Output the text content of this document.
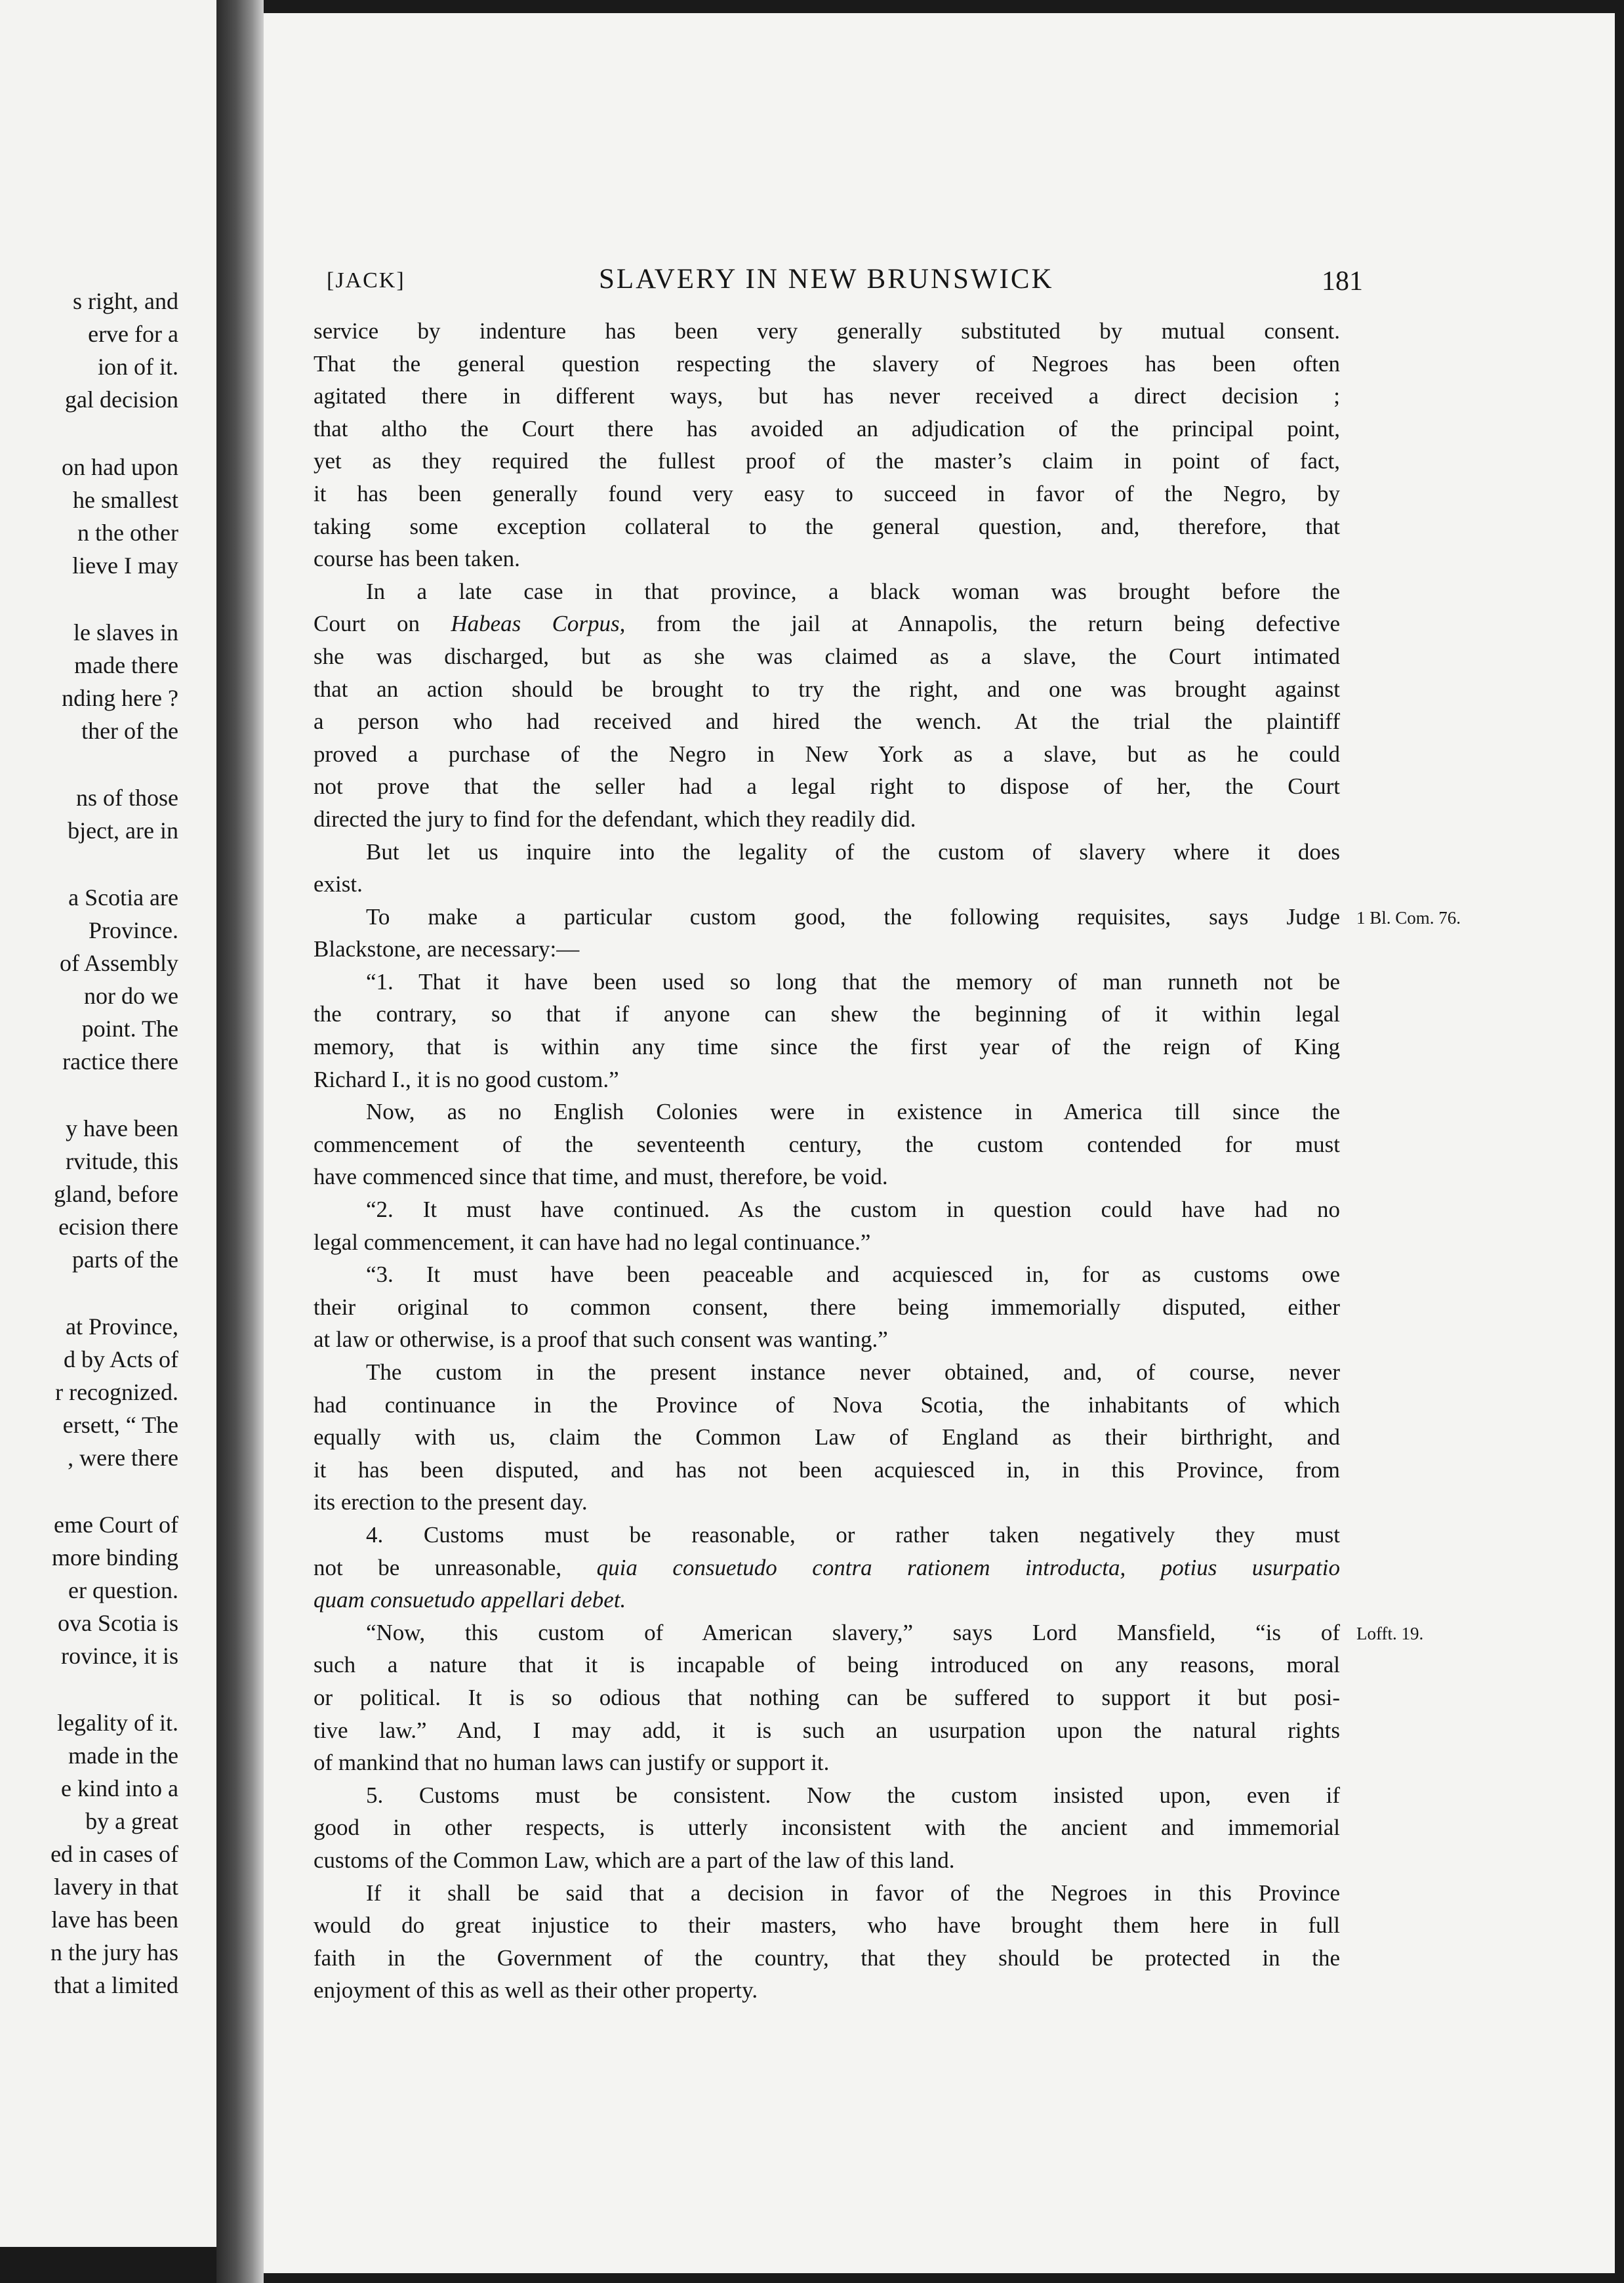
s right, and
erve for a
ion of it.
gal decision
on had upon
he smallest
n the other
lieve I may
le slaves in
made there
nding here ?
ther of the
ns of those
bject, are in
a Scotia are
Province.
of Assembly
nor do we
point. The
ractice there
y have been
rvitude, this
gland, before
ecision there
parts of the
at Province,
d by Acts of
r recognized.
ersett, “ The
, were there
eme Court of
more binding
er question.
ova Scotia is
rovince, it is
legality of it.
made in the
e kind into a
by a great
ed in cases of
lavery in that
lave has been
n the jury has
that a limited
[JACK]	SLAVERY IN NEW BRUNSWICK	181
service by indenture has been very generally substituted by mutual consent.
That the general question respecting the slavery of Negroes has been often
agitated there in different ways, but has never received a direct decision ;
that altho the Court there has avoided an adjudication of the principal point,
yet as they required the fullest proof of the master’s claim in point of fact,
it has been generally found very easy to succeed in favor of the Negro, by
taking some exception collateral to the general question, and, therefore, that
course has been taken.
In a late case in that province, a black woman was brought before the
Court on Habeas Corpus, from the jail at Annapolis, the return being defective
she was discharged, but as she was claimed as a slave, the Court intimated
that an action should be brought to try the right, and one was brought against
a person who had received and hired the wench. At the trial the plaintiff
proved a purchase of the Negro in New York as a slave, but as he could
not prove that the seller had a legal right to dispose of her, the Court
directed the jury to find for the defendant, which they readily did.
But let us inquire into the legality of the custom of slavery where it does
exist.
To make a particular custom good, the following requisites, says Judge 1 Bl. Com. 76.
Blackstone, are necessary:—
“1. That it have been used so long that the memory of man runneth not be
the contrary, so that if anyone can shew the beginning of it within legal
memory, that is within any time since the first year of the reign of King
Richard I., it is no good custom.”
Now, as no English Colonies were in existence in America till since the
commencement of the seventeenth century, the custom contended for must
have commenced since that time, and must, therefore, be void.
“2. It must have continued. As the custom in question could have had no
legal commencement, it can have had no legal continuance.”
“3. It must have been peaceable and acquiesced in, for as customs owe
their original to common consent, there being immemorially disputed, either
at law or otherwise, is a proof that such consent was wanting.”
The custom in the present instance never obtained, and, of course, never
had continuance in the Province of Nova Scotia, the inhabitants of which
equally with us, claim the Common Law of England as their birthright, and
it has been disputed, and has not been acquiesced in, in this Province, from
its erection to the present day.
4. Customs must be reasonable, or rather taken negatively they must
not be unreasonable, quia consuetudo contra rationem introducta, potius usurpatio
quam consuetudo appellari debet.
“Now, this custom of American slavery,” says Lord Mansfield, “is of Lofft. 19.
such a nature that it is incapable of being introduced on any reasons, moral
or political. It is so odious that nothing can be suffered to support it but posi-
tive law.” And, I may add, it is such an usurpation upon the natural rights
of mankind that no human laws can justify or support it.
5. Customs must be consistent. Now the custom insisted upon, even if
good in other respects, is utterly inconsistent with the ancient and immemorial
customs of the Common Law, which are a part of the law of this land.
If it shall be said that a decision in favor of the Negroes in this Province
would do great injustice to their masters, who have brought them here in full
faith in the Government of the country, that they should be protected in the
enjoyment of this as well as their other property.
